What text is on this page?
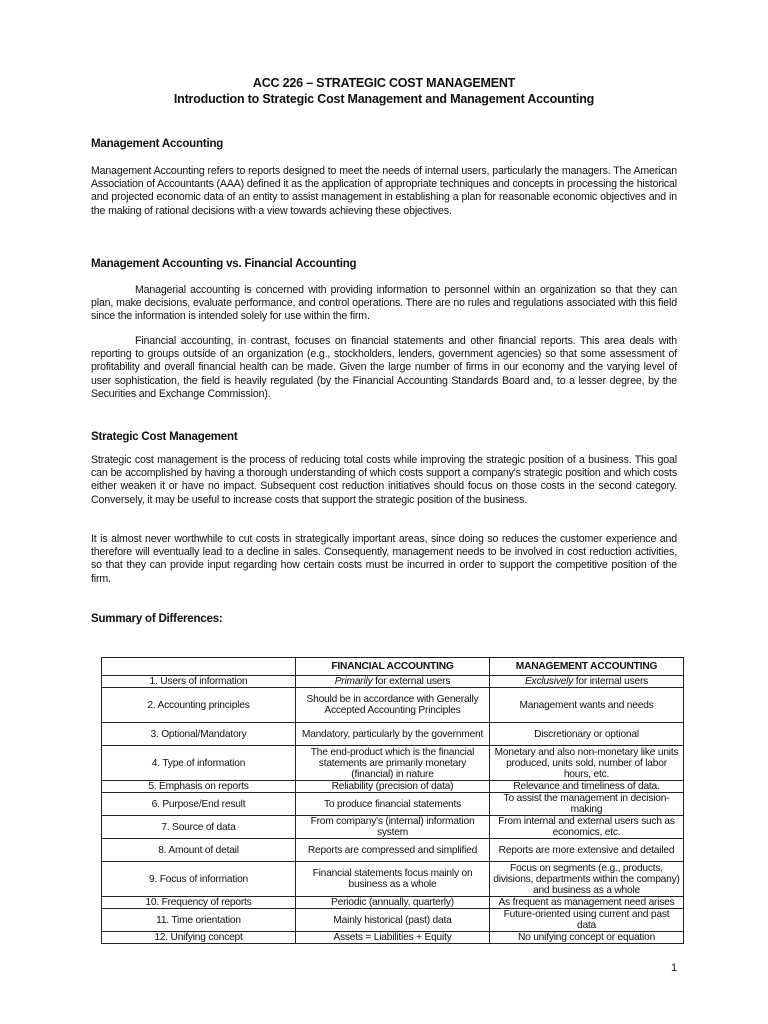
ACC 226 – STRATEGIC COST MANAGEMENT
Introduction to Strategic Cost Management and Management Accounting
Management Accounting
Management Accounting refers to reports designed to meet the needs of internal users, particularly the managers. The American Association of Accountants (AAA) defined it as the application of appropriate techniques and concepts in processing the historical and projected economic data of an entity to assist management in establishing a plan for reasonable economic objectives and in the making of rational decisions with a view towards achieving these objectives.
Management Accounting vs. Financial Accounting
Managerial accounting is concerned with providing information to personnel within an organization so that they can plan, make decisions, evaluate performance, and control operations. There are no rules and regulations associated with this field since the information is intended solely for use within the firm.
Financial accounting, in contrast, focuses on financial statements and other financial reports. This area deals with reporting to groups outside of an organization (e.g., stockholders, lenders, government agencies) so that some assessment of profitability and overall financial health can be made. Given the large number of firms in our economy and the varying level of user sophistication, the field is heavily regulated (by the Financial Accounting Standards Board and, to a lesser degree, by the Securities and Exchange Commission).
Strategic Cost Management
Strategic cost management is the process of reducing total costs while improving the strategic position of a business. This goal can be accomplished by having a thorough understanding of which costs support a company's strategic position and which costs either weaken it or have no impact. Subsequent cost reduction initiatives should focus on those costs in the second category. Conversely, it may be useful to increase costs that support the strategic position of the business.
It is almost never worthwhile to cut costs in strategically important areas, since doing so reduces the customer experience and therefore will eventually lead to a decline in sales. Consequently, management needs to be involved in cost reduction activities, so that they can provide input regarding how certain costs must be incurred in order to support the competitive position of the firm.
Summary of Differences:
	FINANCIAL ACCOUNTING	MANAGEMENT ACCOUNTING
1. Users of information	Primarily for external users	Exclusively for internal users
2. Accounting principles	Should be in accordance with Generally Accepted Accounting Principles	Management wants and needs
3. Optional/Mandatory	Mandatory, particularly by the government	Discretionary or optional
4. Type of information	The end-product which is the financial statements are primarily monetary (financial) in nature	Monetary and also non-monetary like units produced, units sold, number of labor hours, etc.
5. Emphasis on reports	Reliability (precision of data)	Relevance and timeliness of data.
6. Purpose/End result	To produce financial statements	To assist the management in decision-making
7. Source of data	From company's (internal) information system	From internal and external users such as economics, etc.
8. Amount of detail	Reports are compressed and simplified	Reports are more extensive and detailed
9. Focus of information	Financial statements focus mainly on business as a whole	Focus on segments (e.g., products, divisions, departments within the company) and business as a whole
10. Frequency of reports	Periodic (annually, quarterly)	As frequent as management need arises
11. Time orientation	Mainly historical (past) data	Future-oriented using current and past data
12. Unifying concept	Assets = Liabilities + Equity	No unifying concept or equation
1
